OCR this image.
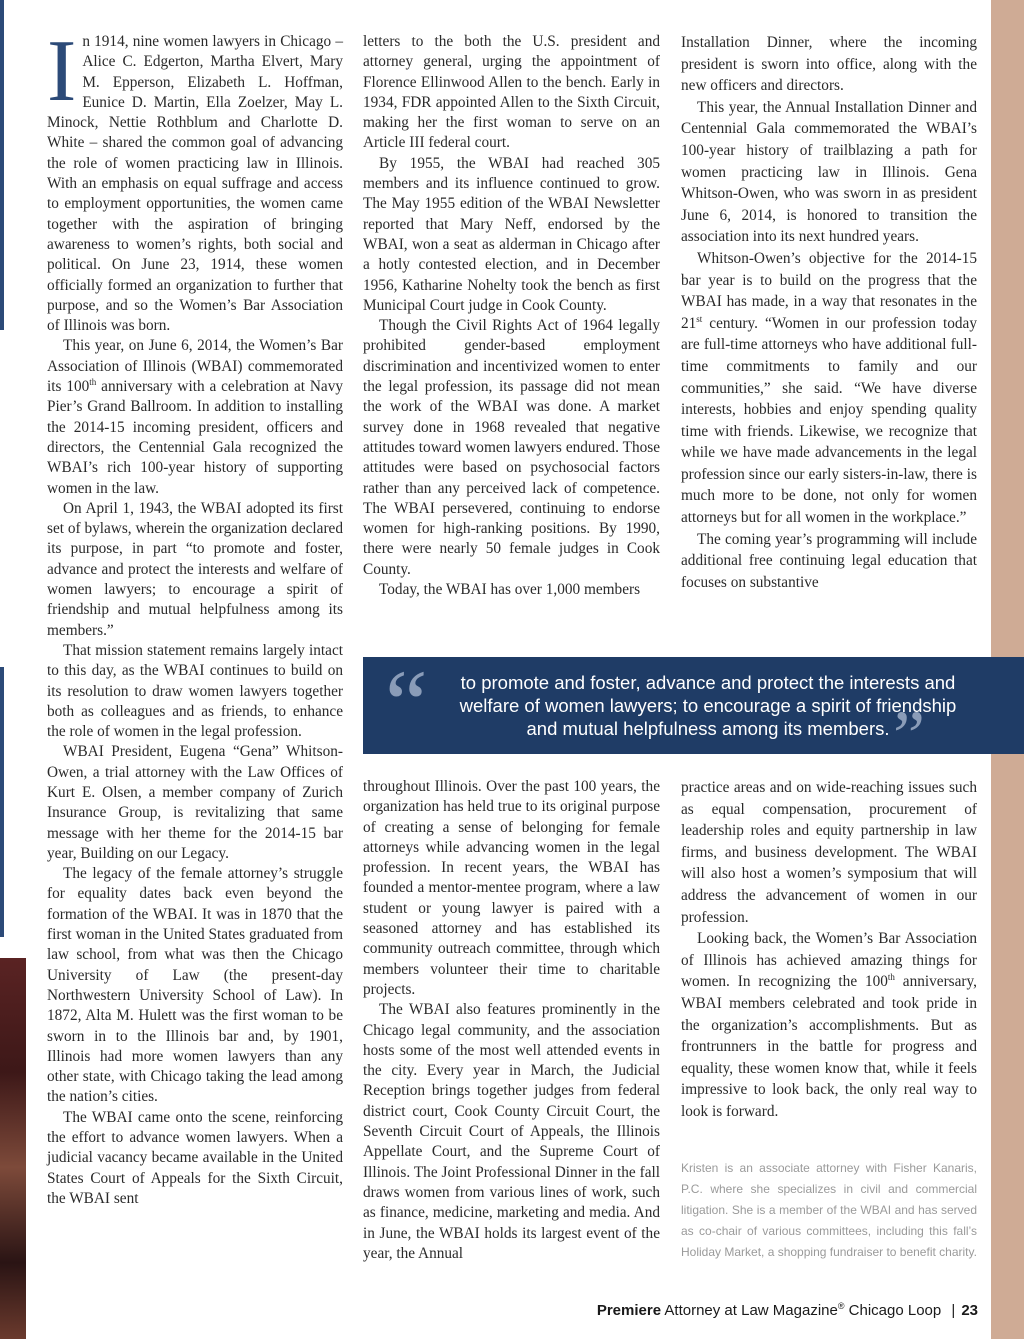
In 1914, nine women lawyers in Chicago – Alice C. Edgerton, Martha Elvert, Mary M. Epperson, Elizabeth L. Hoffman, Eunice D. Martin, Ella Zoelzer, May L. Minock, Nettie Rothblum and Charlotte D. White – shared the common goal of advancing the role of women practicing law in Illinois. With an emphasis on equal suffrage and access to employment opportunities, the women came together with the aspiration of bringing awareness to women’s rights, both social and political. On June 23, 1914, these women officially formed an organization to further that purpose, and so the Women’s Bar Association of Illinois was born.

This year, on June 6, 2014, the Women’s Bar Association of Illinois (WBAI) commemorated its 100th anniversary with a celebration at Navy Pier’s Grand Ballroom. In addition to installing the 2014-15 incoming president, officers and directors, the Centennial Gala recognized the WBAI’s rich 100-year history of supporting women in the law.

On April 1, 1943, the WBAI adopted its first set of bylaws, wherein the organization declared its purpose, in part “to promote and foster, advance and protect the interests and welfare of women lawyers; to encourage a spirit of friendship and mutual helpfulness among its members.”

That mission statement remains largely intact to this day, as the WBAI continues to build on its resolution to draw women lawyers together both as colleagues and as friends, to enhance the role of women in the legal profession.

WBAI President, Eugena “Gena” Whitson-Owen, a trial attorney with the Law Offices of Kurt E. Olsen, a member company of Zurich Insurance Group, is revitalizing that same message with her theme for the 2014-15 bar year, Building on our Legacy.

The legacy of the female attorney’s struggle for equality dates back even beyond the formation of the WBAI. It was in 1870 that the first woman in the United States graduated from law school, from what was then the Chicago University of Law (the present-day Northwestern University School of Law). In 1872, Alta M. Hulett was the first woman to be sworn in to the Illinois bar and, by 1901, Illinois had more women lawyers than any other state, with Chicago taking the lead among the nation’s cities.

The WBAI came onto the scene, reinforcing the effort to advance women lawyers. When a judicial vacancy became available in the United States Court of Appeals for the Sixth Circuit, the WBAI sent

letters to the both the U.S. president and attorney general, urging the appointment of Florence Ellinwood Allen to the bench. Early in 1934, FDR appointed Allen to the Sixth Circuit, making her the first woman to serve on an Article III federal court.

By 1955, the WBAI had reached 305 members and its influence continued to grow. The May 1955 edition of the WBAI Newsletter reported that Mary Neff, endorsed by the WBAI, won a seat as alderman in Chicago after a hotly contested election, and in December 1956, Katharine Nohelty took the bench as first Municipal Court judge in Cook County.

Though the Civil Rights Act of 1964 legally prohibited gender-based employment discrimination and incentivized women to enter the legal profession, its passage did not mean the work of the WBAI was done. A market survey done in 1968 revealed that negative attitudes toward women lawyers endured. Those attitudes were based on psychosocial factors rather than any perceived lack of competence. The WBAI persevered, continuing to endorse women for high-ranking positions. By 1990, there were nearly 50 female judges in Cook County.

Today, the WBAI has over 1,000 members

Installation Dinner, where the incoming president is sworn into office, along with the new officers and directors.

This year, the Annual Installation Dinner and Centennial Gala commemorated the WBAI’s 100-year history of trailblazing a path for women practicing law in Illinois. Gena Whitson-Owen, who was sworn in as president June 6, 2014, is honored to transition the association into its next hundred years.

Whitson-Owen’s objective for the 2014-15 bar year is to build on the progress that the WBAI has made, in a way that resonates in the 21st century. “Women in our profession today are full-time attorneys who have additional full-time commitments to family and our communities,” she said. “We have diverse interests, hobbies and enjoy spending quality time with friends. Likewise, we recognize that while we have made advancements in the legal profession since our early sisters-in-law, there is much more to be done, not only for women attorneys but for all women in the workplace.”

The coming year’s programming will include additional free continuing legal education that focuses on substantive

“	to promote and foster, advance and protect the interests and welfare of women lawyers; to encourage a spirit of friendship and mutual helpfulness among its members. ”

throughout Illinois. Over the past 100 years, the organization has held true to its original purpose of creating a sense of belonging for female attorneys while advancing women in the legal profession. In recent years, the WBAI has founded a mentor-mentee program, where a law student or young lawyer is paired with a seasoned attorney and has established its community outreach committee, through which members volunteer their time to charitable projects.

The WBAI also features prominently in the Chicago legal community, and the association hosts some of the most well attended events in the city. Every year in March, the Judicial Reception brings together judges from federal district court, Cook County Circuit Court, the Seventh Circuit Court of Appeals, the Illinois Appellate Court, and the Supreme Court of Illinois. The Joint Professional Dinner in the fall draws women from various lines of work, such as finance, medicine, marketing and media. And in June, the WBAI holds its largest event of the year, the Annual

practice areas and on wide-reaching issues such as equal compensation, procurement of leadership roles and equity partnership in law firms, and business development. The WBAI will also host a women’s symposium that will address the advancement of women in our profession.

Looking back, the Women’s Bar Association of Illinois has achieved amazing things for women. In recognizing the 100th anniversary, WBAI members celebrated and took pride in the organization’s accomplishments. But as frontrunners in the battle for progress and equality, these women know that, while it feels impressive to look back, the only real way to look is forward.

Kristen is an associate attorney with Fisher Kanaris, P.C. where she specializes in civil and commercial litigation. She is a member of the WBAI and has served as co-chair of various committees, including this fall’s Holiday Market, a shopping fundraiser to benefit charity.
Premiere Attorney at Law Magazine® Chicago Loop | 23
